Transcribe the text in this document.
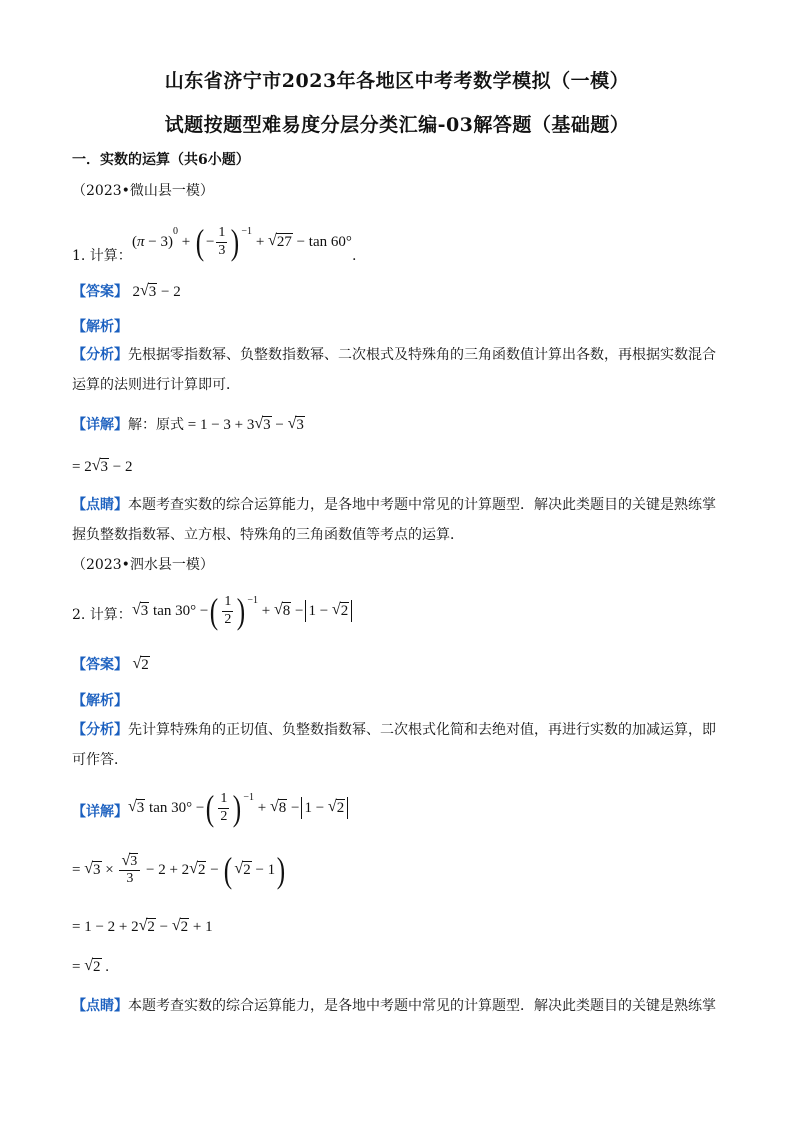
山东省济宁市2023年各地区中考考数学模拟（一模）
试题按题型难易度分层分类汇编-03解答题（基础题）
一．实数的运算（共6小题）
（2023•微山县一模）
1. 计算：
( π − 3)
0
+ ( − $\frac{1}{3}$ ) −1
+ √ 27 − tan 60°
.
【答案】 2 √ 3 − 2
【解析】
【分析】先根据零指数幂、负整数指数幂、二次根式及特殊角的三角函数值计算出各数，再根据实数混合运算的法则进行计算即可．
【详解】解：原式 = 1 − 3 + 3 √ 3 − √ 3
= 2 √ 3 − 2
【点睛】本题考查实数的综合运算能力，是各地中考题中常见的计算题型．解决此类题目的关键是熟练掌握负整数指数幂、立方根、特殊角的三角函数值等考点的运算．
（2023•泗水县一模）
2. 计算： √ 3 tan 30° − ( $\frac{1}{2}$ ) −1
+ √ 8 − 1 − √ 2
【答案】 √ 2
【解析】
【分析】先计算特殊角的正切值、负整数指数幂、二次根式化简和去绝对值，再进行实数的加减运算，即可作答．
【详解】 √ 3 tan 30° − ( $\frac{1}{2}$ ) −1
+ √ 8 − 1 − √ 2
= √ $3 \times \frac{√ 3}{3} - 2 + 2$ √ 2 − ( √ 2 − 1 )
= 1 − 2 + 2 √ 2 − √ 2 + 1
= √ 2 .
【点睛】本题考查实数的综合运算能力，是各地中考题中常见的计算题型．解决此类题目的关键是熟练掌
